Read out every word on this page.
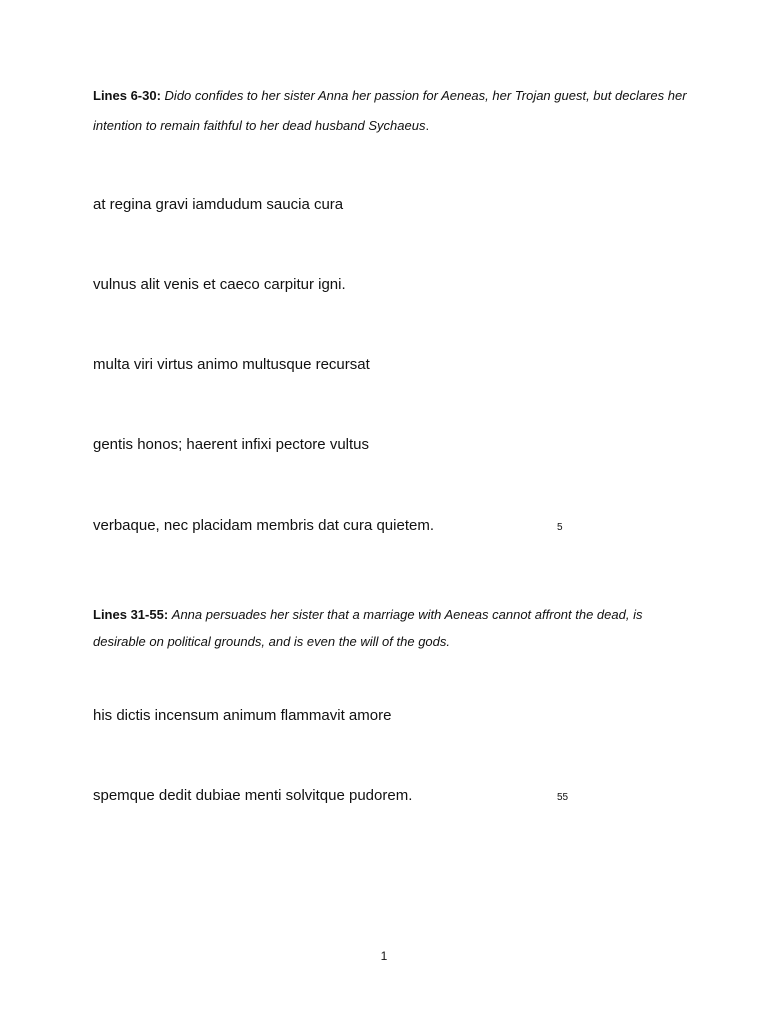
Lines 6-30: Dido confides to her sister Anna her passion for Aeneas, her Trojan guest, but declares her intention to remain faithful to her dead husband Sychaeus.

at regina gravi iamdudum saucia cura

vulnus alit venis et caeco carpitur igni.

multa viri virtus animo multusque recursat

gentis honos; haerent infixi pectore vultus

verbaque, nec placidam membris dat cura quietem.	5

Lines 31-55: Anna persuades her sister that a marriage with Aeneas cannot affront the dead, is desirable on political grounds, and is even the will of the gods.

his dictis incensum animum flammavit amore

spemque dedit dubiae menti solvitque pudorem.	55
1
